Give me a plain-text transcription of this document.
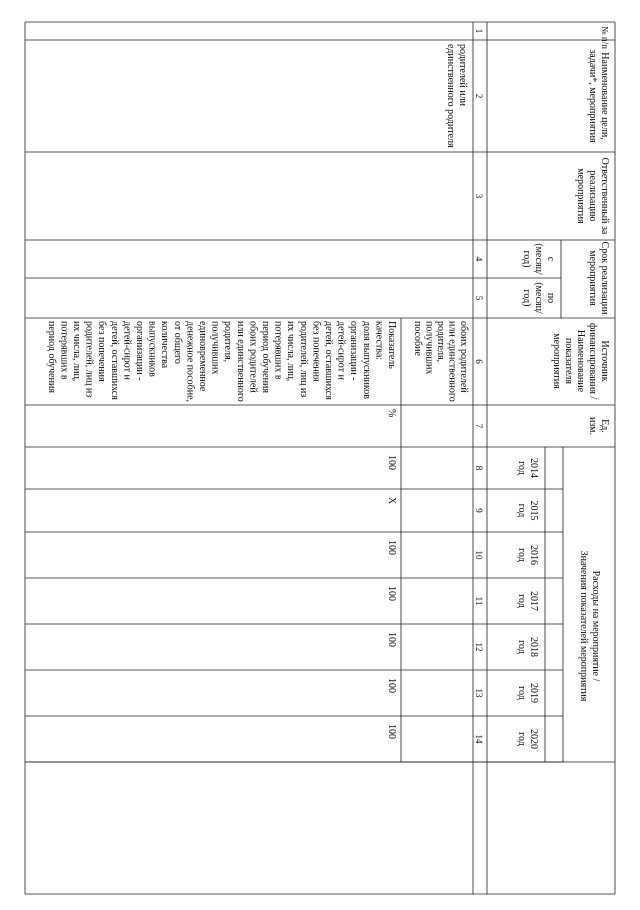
№ п/п
Наименование цели,
задачи*, мероприятия
Ответственный за
реализацию
мероприятия
Срок реализации
мероприятия
с
(месяц/
год)
по
(месяц/
год)
Источник
финансирования /
Наименование
показателя
мероприятия
Ед.
изм.
Расходы на мероприятие /
Значения показателей мероприятия
2014
год
2015
год
2016
год
2017
год
2018
год
2019
год
2020
год
1
2
3
4
5
6
7
8
9
10
11
12
13
14
родителей или
единственного родителя
обоих родителей
или единственного
родителя,
получивших
пособие
Показатель
качества:
доля выпускников
организации -
детей-сирот и
детей, оставшихся
без попечения
родителей, лиц из
их числа, лиц,
потерявших в
период обучения
обоих родителей
или единственного
родителя,
получивших
единовременное
денежное пособие,
от общего
количества
выпускников
организации -
детей-сирот и
детей, оставшихся
без попечения
родителей, лиц из
их числа, лиц,
потерявших в
период обучения
%
100
Х
100
100
100
100
100
